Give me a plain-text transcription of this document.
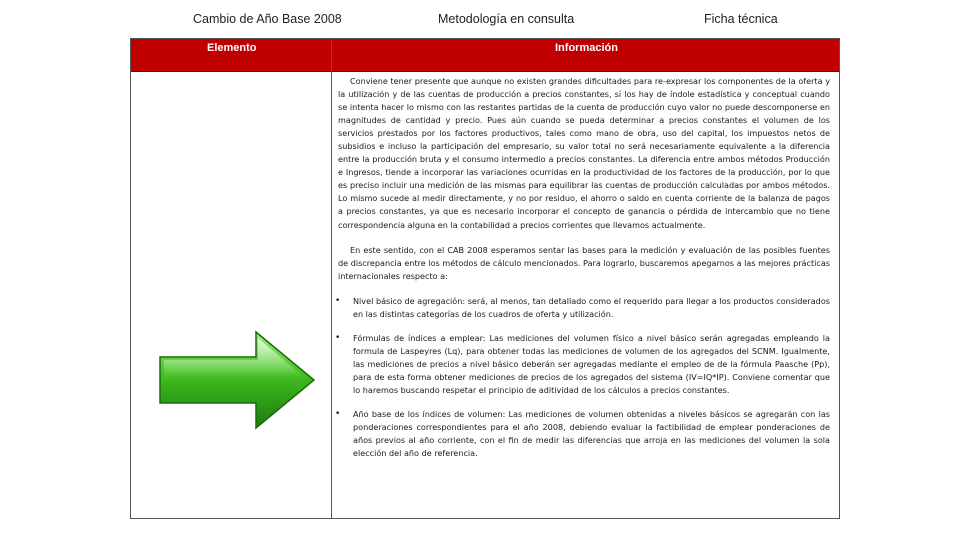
Cambio de Año Base 2008	Metodología en consulta	Ficha técnica
Elemento	Información

Conviene tener presente que aunque no existen grandes dificultades para re-expresar los componentes de la oferta y la utilización y de las cuentas de producción a precios constantes, sí los hay de índole estadística y conceptual cuando se intenta hacer lo mismo con las restantes partidas de la cuenta de producción cuyo valor no puede descomponerse en magnitudes de cantidad y precio. Pues aún cuando se pueda determinar a precios constantes el volumen de los servicios prestados por los factores productivos, tales como mano de obra, uso del capital, los impuestos netos de subsidios e incluso la participación del empresario, su valor total no será necesariamente equivalente a la diferencia entre la producción bruta y el consumo intermedio a precios constantes. La diferencia entre ambos métodos Producción e Ingresos, tiende a incorporar las variaciones ocurridas en la productividad de los factores de la producción, por lo que es preciso incluir una medición de las mismas para equilibrar las cuentas de producción calculadas por ambos métodos. Lo mismo sucede al medir directamente, y no por residuo, el ahorro o saldo en cuenta corriente de la balanza de pagos a precios constantes, ya que es necesario incorporar el concepto de ganancia o pérdida de intercambio que no tiene correspondencia alguna en la contabilidad a precios corrientes que llevamos actualmente.

En este sentido, con el CAB 2008 esperamos sentar las bases para la medición y evaluación de las posibles fuentes de discrepancia entre los métodos de cálculo mencionados. Para lograrlo, buscaremos apegarnos a las mejores prácticas internacionales respecto a:

• Nivel básico de agregación: será, al menos, tan detallado como el requerido para llegar a los productos considerados en las distintas categorías de los cuadros de oferta y utilización.
• Fórmulas de índices a emplear: Las mediciones del volumen físico a nivel básico serán agregadas empleando la formula de Laspeyres (Lq), para obtener todas las mediciones de volumen de los agregados del SCNM. Igualmente, las mediciones de precios a nivel básico deberán ser agregadas mediante el empleo de de la fórmula Paasche (Pp), para de esta forma obtener mediciones de precios de los agregados del sistema (IV=IQ*IP). Conviene comentar que lo haremos buscando respetar el principio de aditividad de los cálculos a precios constantes.
• Año base de los índices de volumen: Las mediciones de volumen obtenidas a niveles básicos se agregarán con las ponderaciones correspondientes para el año 2008, debiendo evaluar la factibilidad de emplear ponderaciones de años previos al año corriente, con el fin de medir las diferencias que arroja en las mediciones del volumen la sola elección del año de referencia.
